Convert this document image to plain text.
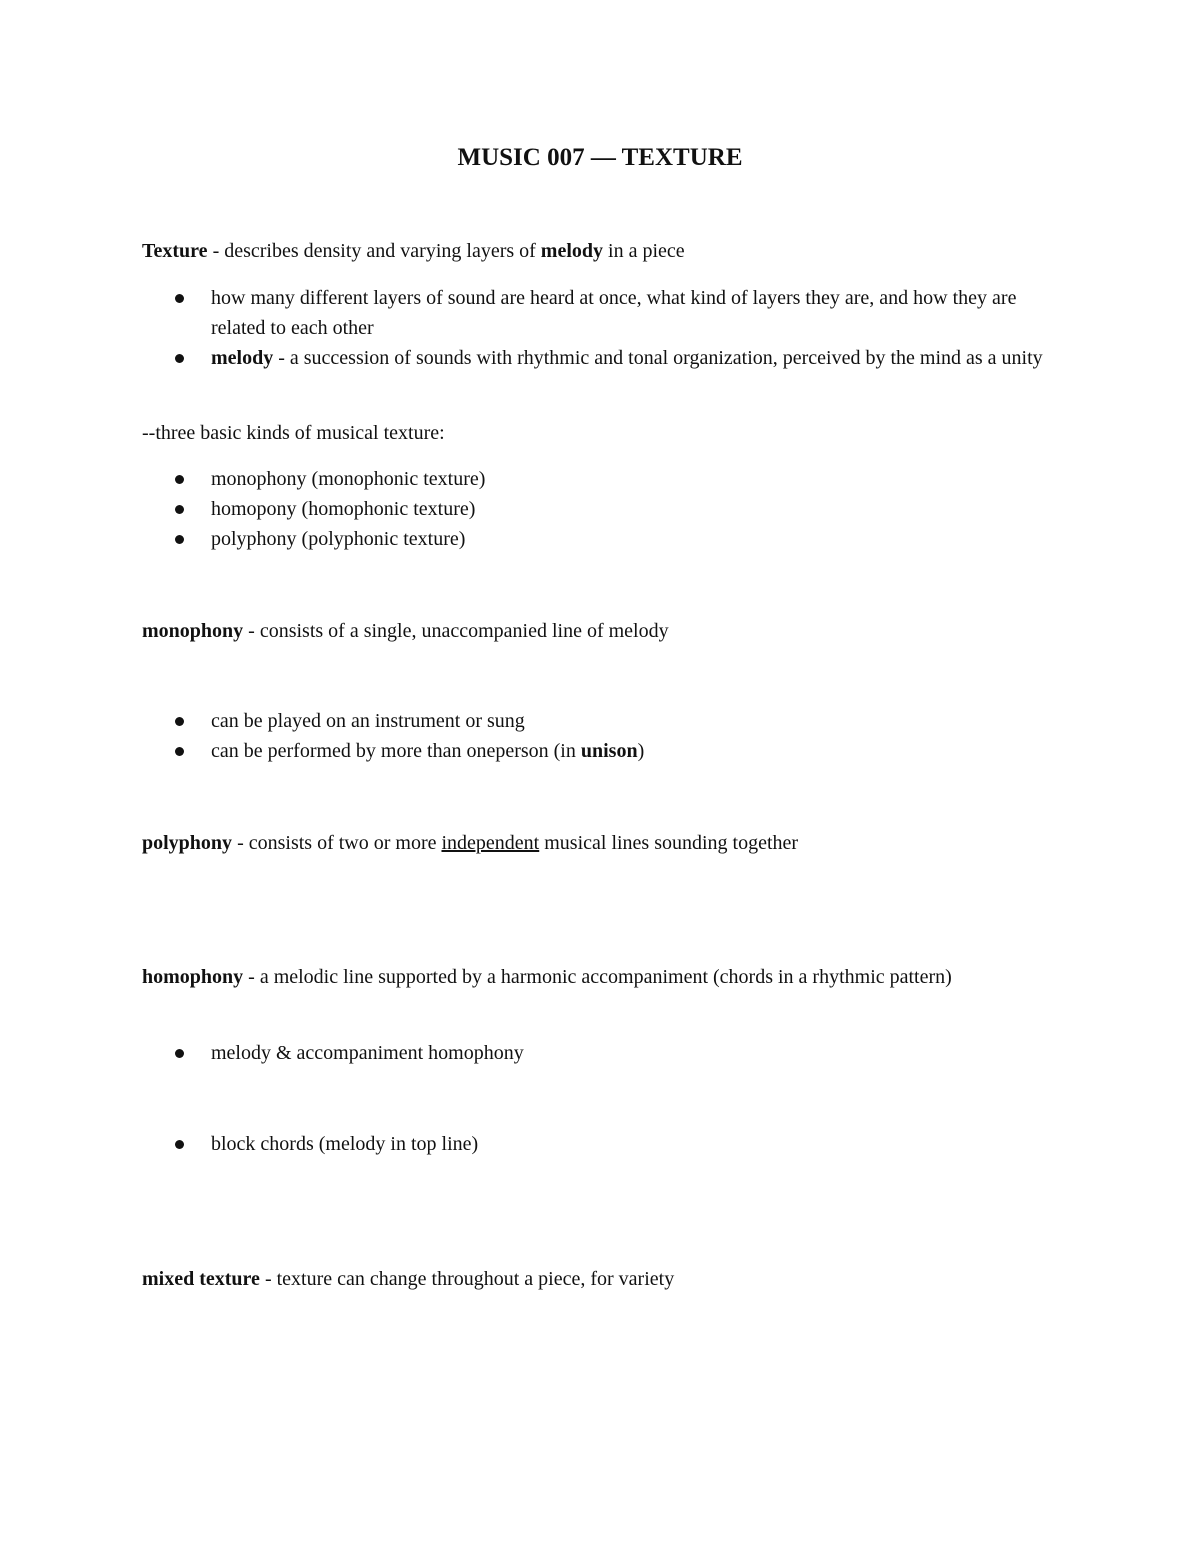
MUSIC 007 — TEXTURE

Texture - describes density and varying layers of melody in a piece

how many different layers of sound are heard at once, what kind of layers they are, and how they are related to each other
melody - a succession of sounds with rhythmic and tonal organization, perceived by the mind as a unity

--three basic kinds of musical texture:

monophony (monophonic texture)
homopony (homophonic texture)
polyphony (polyphonic texture)

monophony - consists of a single, unaccompanied line of melody

can be played on an instrument or sung
can be performed by more than oneperson (in unison)

polyphony - consists of two or more independent musical lines sounding together

homophony - a melodic line supported by a harmonic accompaniment (chords in a rhythmic pattern)

melody & accompaniment homophony
block chords (melody in top line)

mixed texture - texture can change throughout a piece, for variety
